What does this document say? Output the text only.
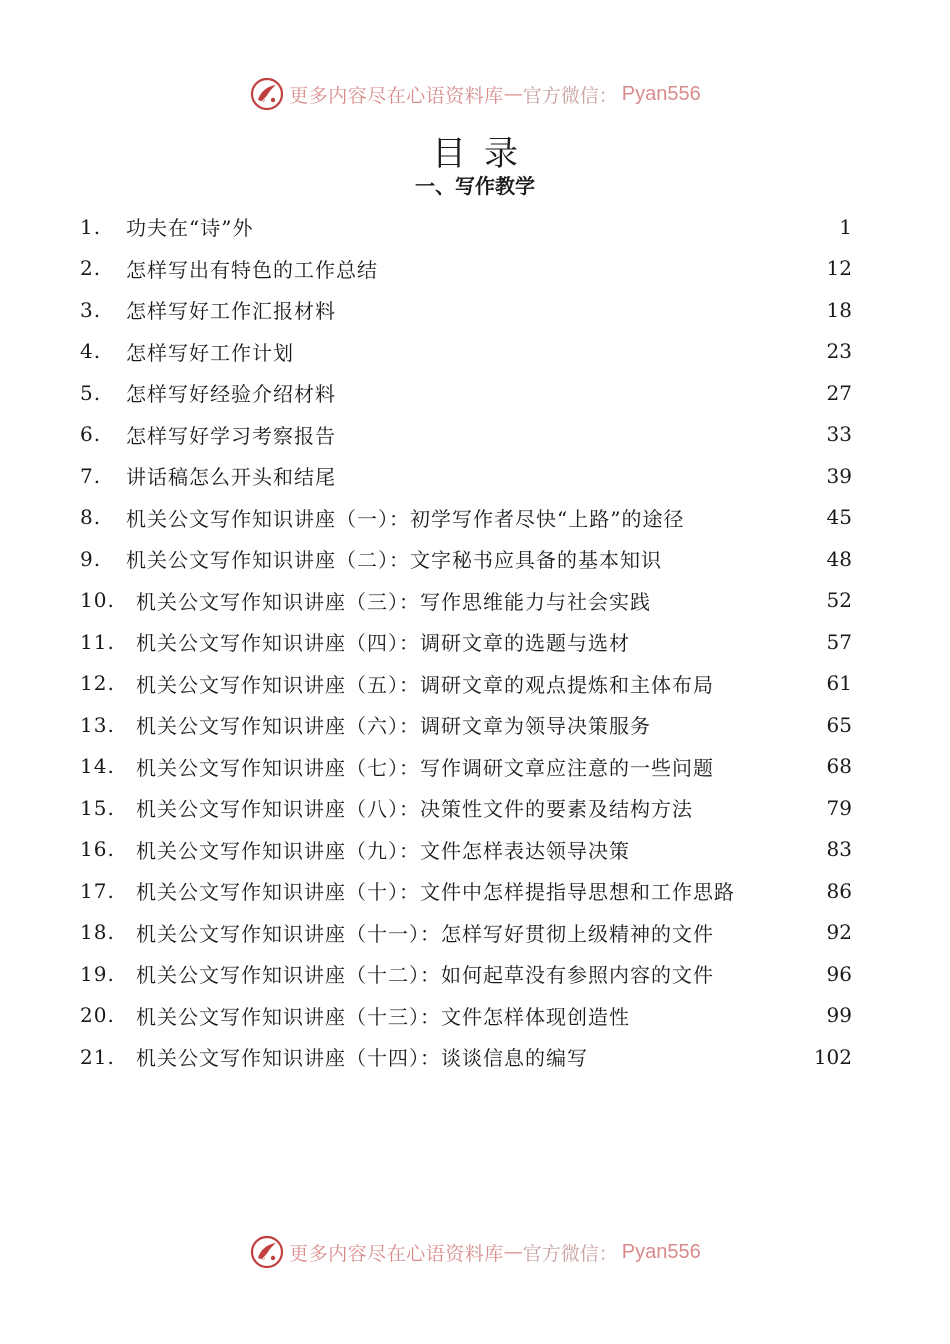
更多内容尽在心语资料库 — 官方微信： Pyan556
目录
一、写作教学
1.	功夫在“诗”外	1
2.	怎样写出有特色的工作总结	12
3.	怎样写好工作汇报材料	18
4.	怎样写好工作计划	23
5.	怎样写好经验介绍材料	27
6.	怎样写好学习考察报告	33
7.	讲话稿怎么开头和结尾	39
8.	机关公文写作知识讲座（一）：初学写作者尽快“上路”的途径	45
9.	机关公文写作知识讲座（二）：文字秘书应具备的基本知识	48
10.	机关公文写作知识讲座（三）：写作思维能力与社会实践	52
11.	机关公文写作知识讲座（四）：调研文章的选题与选材	57
12.	机关公文写作知识讲座（五）：调研文章的观点提炼和主体布局	61
13.	机关公文写作知识讲座（六）：调研文章为领导决策服务	65
14.	机关公文写作知识讲座（七）：写作调研文章应注意的一些问题	68
15.	机关公文写作知识讲座（八）：决策性文件的要素及结构方法	79
16.	机关公文写作知识讲座（九）：文件怎样表达领导决策	83
17.	机关公文写作知识讲座（十）：文件中怎样提指导思想和工作思路	86
18.	机关公文写作知识讲座（十一）：怎样写好贯彻上级精神的文件	92
19.	机关公文写作知识讲座（十二）：如何起草没有参照内容的文件	96
20.	机关公文写作知识讲座（十三）：文件怎样体现创造性	99
21.	机关公文写作知识讲座（十四）：谈谈信息的编写	102
更多内容尽在心语资料库 — 官方微信： Pyan556
